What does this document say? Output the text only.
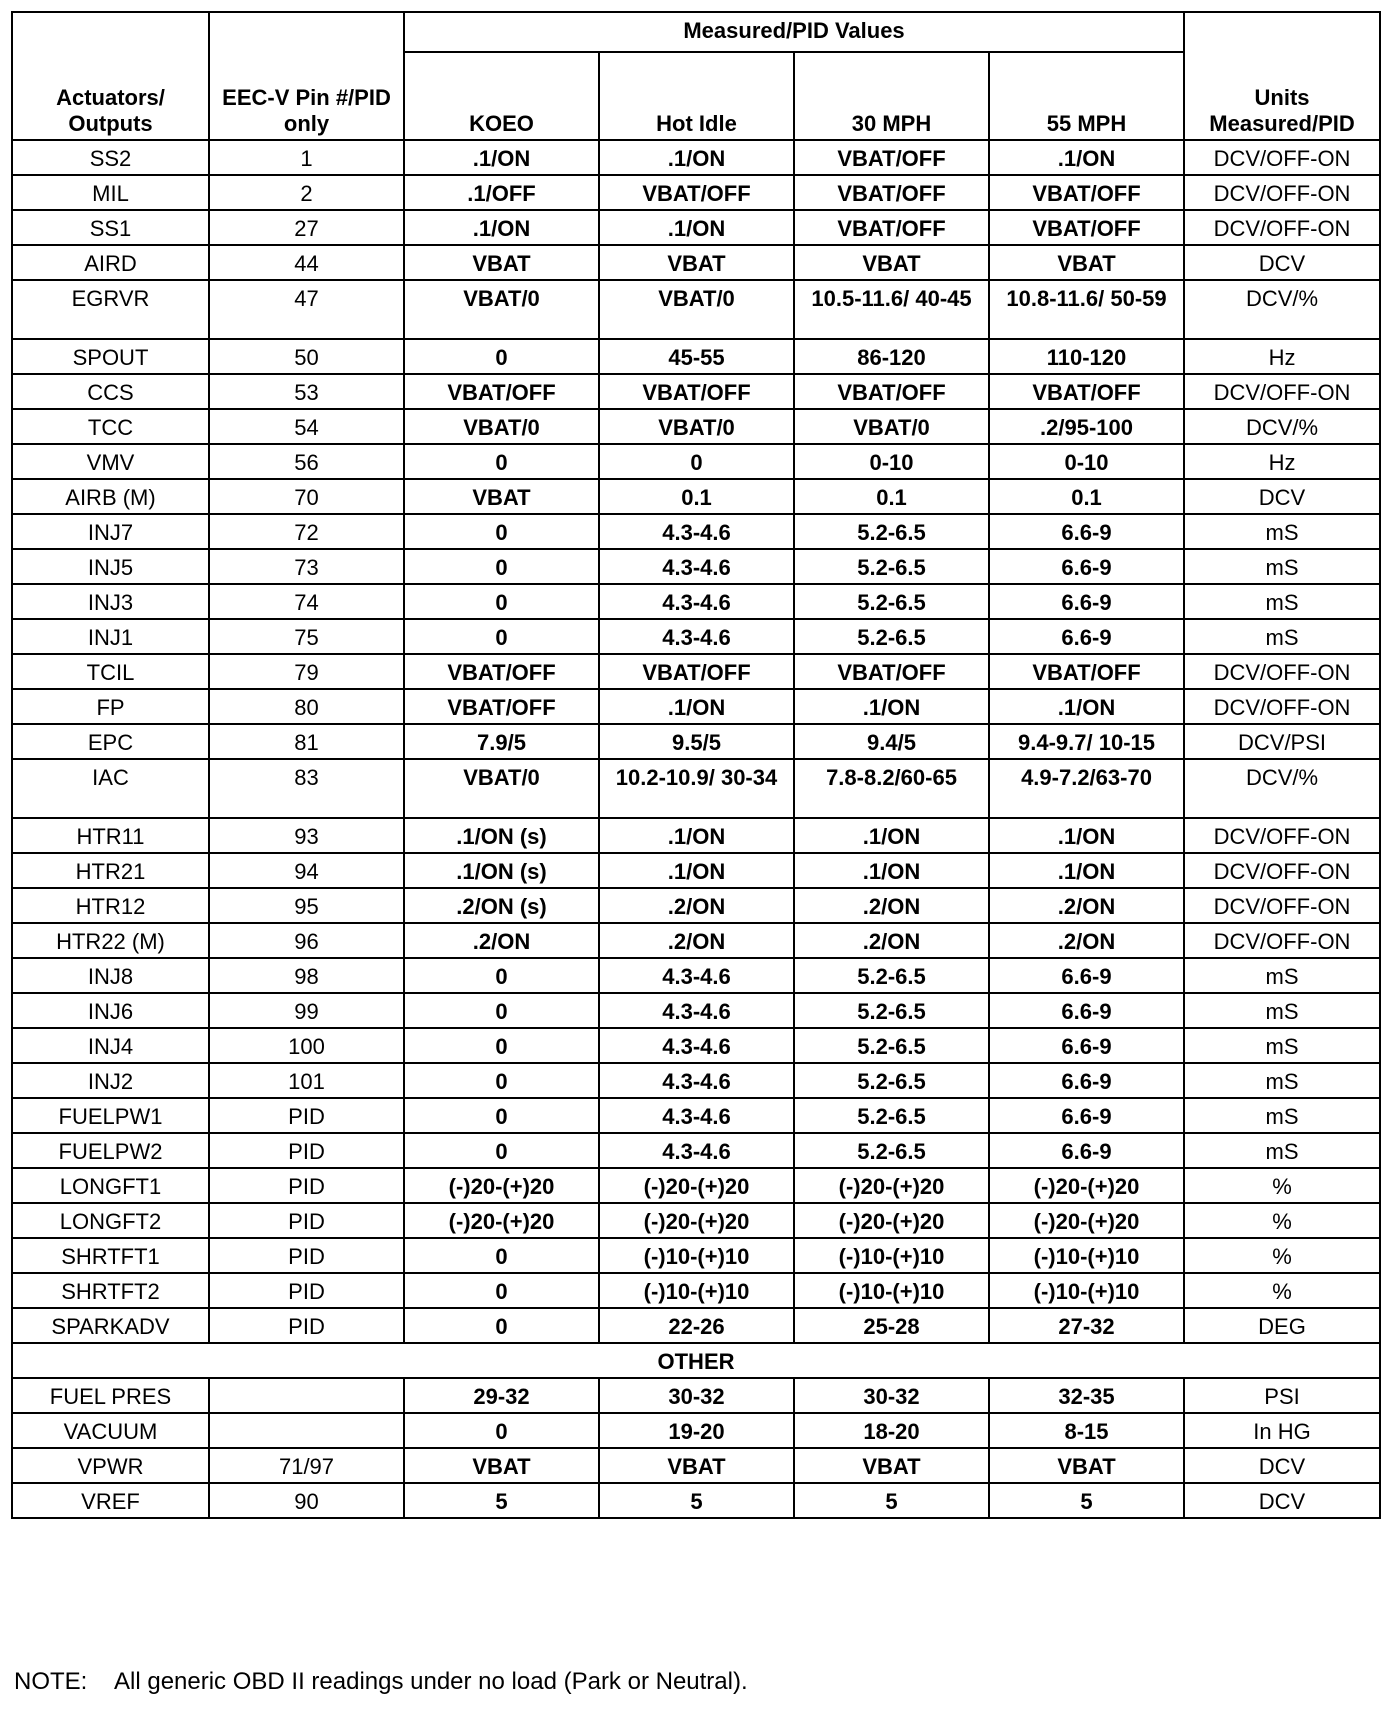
Actuators/ Outputs	EEC-V Pin #/PID only	Measured/PID Values				Units Measured/PID
		KOEO	Hot Idle	30 MPH	55 MPH	
SS2	1	.1/ON	.1/ON	VBAT/OFF	.1/ON	DCV/OFF-ON
MIL	2	.1/OFF	VBAT/OFF	VBAT/OFF	VBAT/OFF	DCV/OFF-ON
SS1	27	.1/ON	.1/ON	VBAT/OFF	VBAT/OFF	DCV/OFF-ON
AIRD	44	VBAT	VBAT	VBAT	VBAT	DCV
EGRVR	47	VBAT/0	VBAT/0	10.5-11.6/ 40-45	10.8-11.6/ 50-59	DCV/%
SPOUT	50	0	45-55	86-120	110-120	Hz
CCS	53	VBAT/OFF	VBAT/OFF	VBAT/OFF	VBAT/OFF	DCV/OFF-ON
TCC	54	VBAT/0	VBAT/0	VBAT/0	.2/95-100	DCV/%
VMV	56	0	0	0-10	0-10	Hz
AIRB (M)	70	VBAT	0.1	0.1	0.1	DCV
INJ7	72	0	4.3-4.6	5.2-6.5	6.6-9	mS
INJ5	73	0	4.3-4.6	5.2-6.5	6.6-9	mS
INJ3	74	0	4.3-4.6	5.2-6.5	6.6-9	mS
INJ1	75	0	4.3-4.6	5.2-6.5	6.6-9	mS
TCIL	79	VBAT/OFF	VBAT/OFF	VBAT/OFF	VBAT/OFF	DCV/OFF-ON
FP	80	VBAT/OFF	.1/ON	.1/ON	.1/ON	DCV/OFF-ON
EPC	81	7.9/5	9.5/5	9.4/5	9.4-9.7/ 10-15	DCV/PSI
IAC	83	VBAT/0	10.2-10.9/ 30-34	7.8-8.2/60-65	4.9-7.2/63-70	DCV/%
HTR11	93	.1/ON (s)	.1/ON	.1/ON	.1/ON	DCV/OFF-ON
HTR21	94	.1/ON (s)	.1/ON	.1/ON	.1/ON	DCV/OFF-ON
HTR12	95	.2/ON (s)	.2/ON	.2/ON	.2/ON	DCV/OFF-ON
HTR22 (M)	96	.2/ON	.2/ON	.2/ON	.2/ON	DCV/OFF-ON
INJ8	98	0	4.3-4.6	5.2-6.5	6.6-9	mS
INJ6	99	0	4.3-4.6	5.2-6.5	6.6-9	mS
INJ4	100	0	4.3-4.6	5.2-6.5	6.6-9	mS
INJ2	101	0	4.3-4.6	5.2-6.5	6.6-9	mS
FUELPW1	PID	0	4.3-4.6	5.2-6.5	6.6-9	mS
FUELPW2	PID	0	4.3-4.6	5.2-6.5	6.6-9	mS
LONGFT1	PID	(-)20-(+)20	(-)20-(+)20	(-)20-(+)20	(-)20-(+)20	%
LONGFT2	PID	(-)20-(+)20	(-)20-(+)20	(-)20-(+)20	(-)20-(+)20	%
SHRTFT1	PID	0	(-)10-(+)10	(-)10-(+)10	(-)10-(+)10	%
SHRTFT2	PID	0	(-)10-(+)10	(-)10-(+)10	(-)10-(+)10	%
SPARKADV	PID	0	22-26	25-28	27-32	DEG
OTHER						
FUEL PRES		29-32	30-32	30-32	32-35	PSI
VACUUM		0	19-20	18-20	8-15	In HG
VPWR	71/97	VBAT	VBAT	VBAT	VBAT	DCV
VREF	90	5	5	5	5	DCV
NOTE: All generic OBD II readings under no load (Park or Neutral).
